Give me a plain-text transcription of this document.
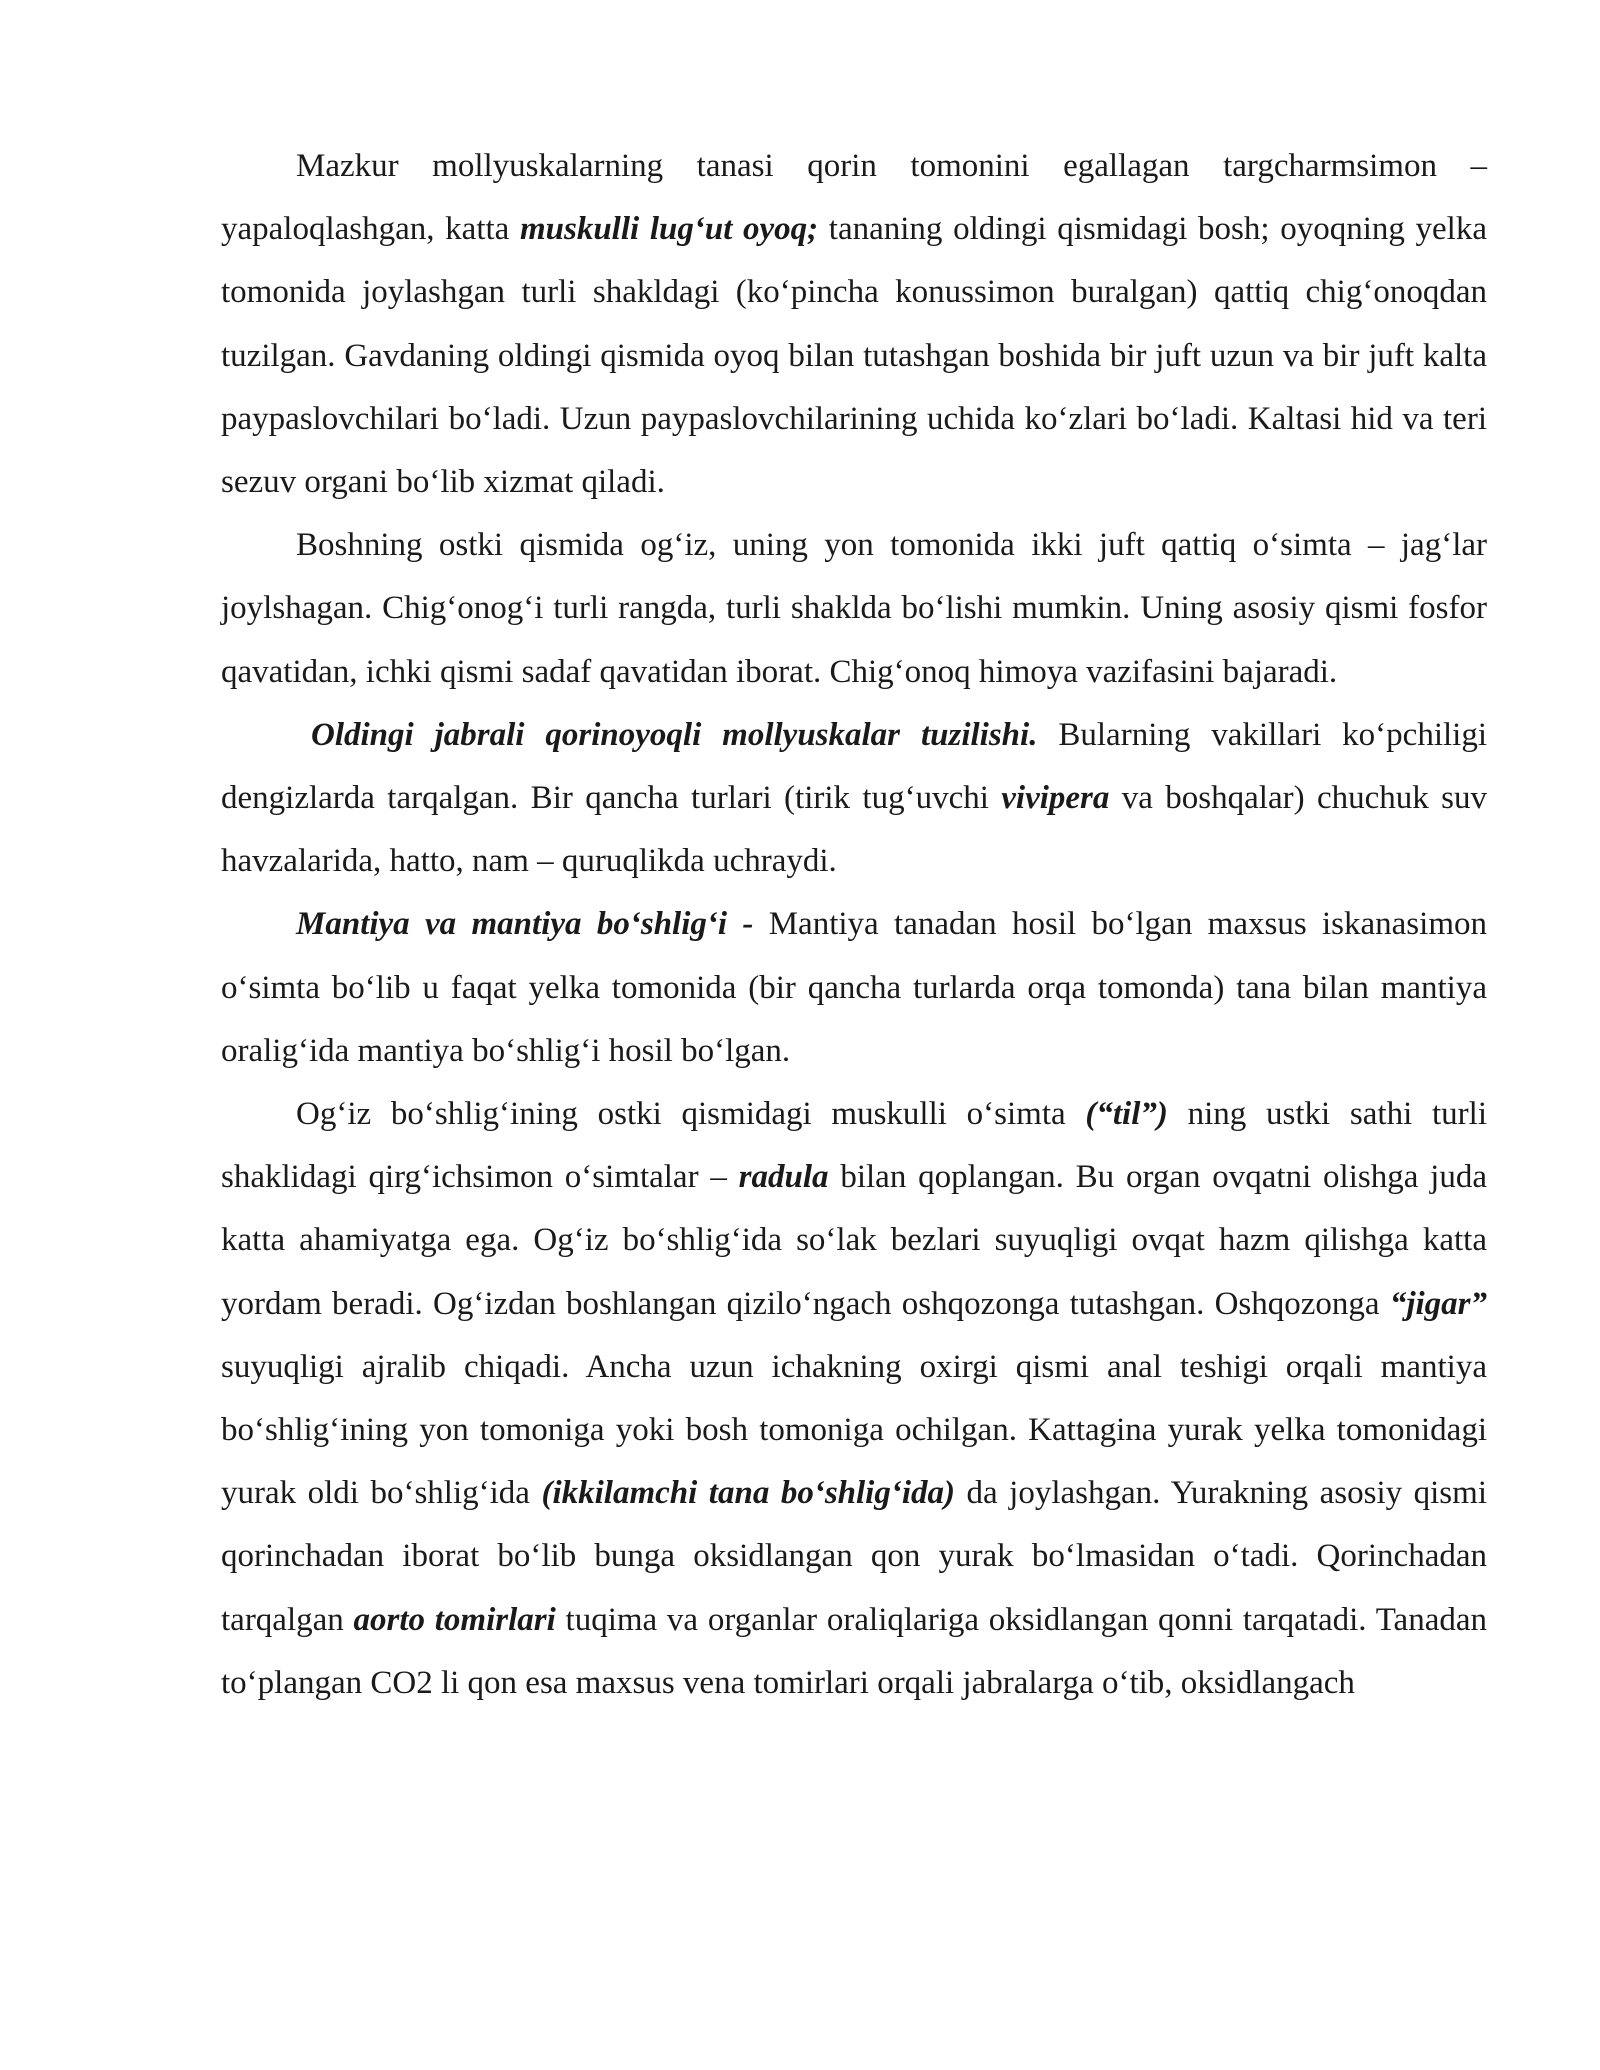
Mazkur mollyuskalarning tanasi qorin tomonini egallagan targcharmsimon – yapaloqlashgan, katta muskulli lug‘ut oyoq; tananing oldingi qismidagi bosh; oyoqning yelka tomonida joylashgan turli shakldagi (ko‘pincha konussimon buralgan) qattiq chig‘onoqdan tuzilgan. Gavdaning oldingi qismida oyoq bilan tutashgan boshida bir juft uzun va bir juft kalta paypaslovchilari bo‘ladi. Uzun paypaslovchilarining uchida ko‘zlari bo‘ladi. Kaltasi hid va teri sezuv organi bo‘lib xizmat qiladi.

Boshning ostki qismida og‘iz, uning yon tomonida ikki juft qattiq o‘simta – jag‘lar joylshagan. Chig‘onog‘i turli rangda, turli shaklda bo‘lishi mumkin. Uning asosiy qismi fosfor qavatidan, ichki qismi sadaf qavatidan iborat. Chig‘onoq himoya vazifasini bajaradi.

Oldingi jabrali qorinoyoqli mollyuskalar tuzilishi. Bularning vakillari ko‘pchiligi dengizlarda tarqalgan. Bir qancha turlari (tirik tug‘uvchi vivipera va boshqalar) chuchuk suv havzalarida, hatto, nam – quruqlikda uchraydi.

Mantiya va mantiya bo‘shlig‘i - Mantiya tanadan hosil bo‘lgan maxsus iskanasimon o‘simta bo‘lib u faqat yelka tomonida (bir qancha turlarda orqa tomonda) tana bilan mantiya oralig‘ida mantiya bo‘shlig‘i hosil bo‘lgan.

Og‘iz bo‘shlig‘ining ostki qismidagi muskulli o‘simta (“til”) ning ustki sathi turli shaklidagi qirg‘ichsimon o‘simtalar – radula bilan qoplangan. Bu organ ovqatni olishga juda katta ahamiyatga ega. Og‘iz bo‘shlig‘ida so‘lak bezlari suyuqligi ovqat hazm qilishga katta yordam beradi. Og‘izdan boshlangan qizilo‘ngach oshqozonga tutashgan. Oshqozonga “jigar” suyuqligi ajralib chiqadi. Ancha uzun ichakning oxirgi qismi anal teshigi orqali mantiya bo‘shlig‘ining yon tomoniga yoki bosh tomoniga ochilgan. Kattagina yurak yelka tomonidagi yurak oldi bo‘shlig‘ida (ikkilamchi tana bo‘shlig‘ida) da joylashgan. Yurakning asosiy qismi qorinchadan iborat bo‘lib bunga oksidlangan qon yurak bo‘lmasidan o‘tadi. Qorinchadan tarqalgan aorto tomirlari tuqima va organlar oraliqlariga oksidlangan qonni tarqatadi. Tanadan to‘plangan CO2 li qon esa maxsus vena tomirlari orqali jabralarga o‘tib, oksidlangach
